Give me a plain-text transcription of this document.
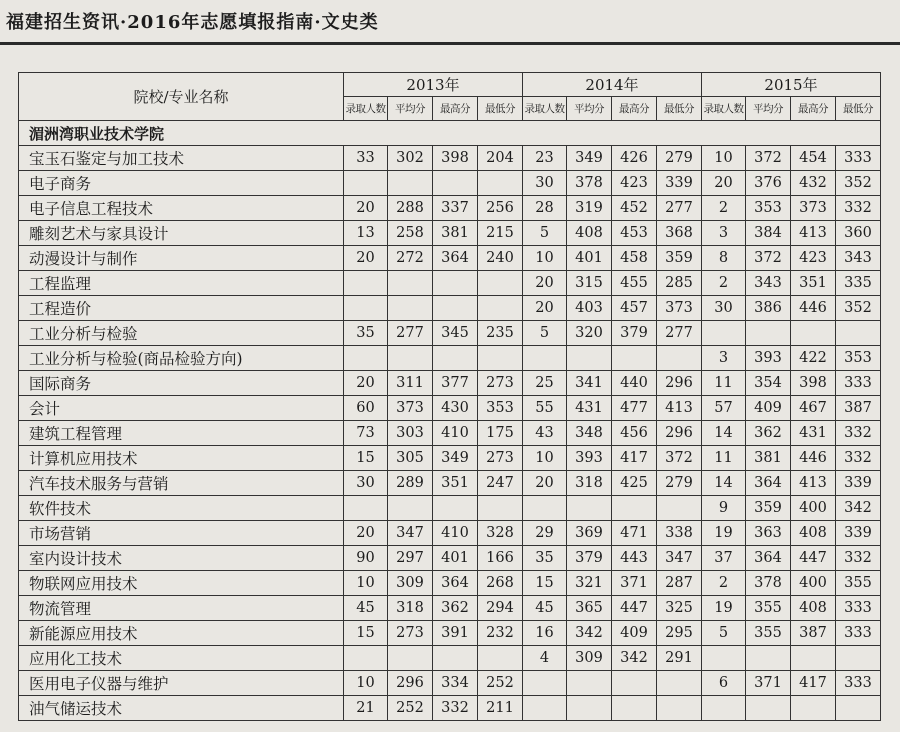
福建招生资讯·2016年志愿填报指南·文史类
院校/专业名称	2013年				2014年				2015年			
	录取人数	平均分	最高分	最低分	录取人数	平均分	最高分	最低分	录取人数	平均分	最高分	最低分
湄洲湾职业技术学院												
宝玉石鉴定与加工技术	33	302	398	204	23	349	426	279	10	372	454	333
电子商务					30	378	423	339	20	376	432	352
电子信息工程技术	20	288	337	256	28	319	452	277	2	353	373	332
雕刻艺术与家具设计	13	258	381	215	5	408	453	368	3	384	413	360
动漫设计与制作	20	272	364	240	10	401	458	359	8	372	423	343
工程监理					20	315	455	285	2	343	351	335
工程造价					20	403	457	373	30	386	446	352
工业分析与检验	35	277	345	235	5	320	379	277				
工业分析与检验(商品检验方向)									3	393	422	353
国际商务	20	311	377	273	25	341	440	296	11	354	398	333
会计	60	373	430	353	55	431	477	413	57	409	467	387
建筑工程管理	73	303	410	175	43	348	456	296	14	362	431	332
计算机应用技术	15	305	349	273	10	393	417	372	11	381	446	332
汽车技术服务与营销	30	289	351	247	20	318	425	279	14	364	413	339
软件技术									9	359	400	342
市场营销	20	347	410	328	29	369	471	338	19	363	408	339
室内设计技术	90	297	401	166	35	379	443	347	37	364	447	332
物联网应用技术	10	309	364	268	15	321	371	287	2	378	400	355
物流管理	45	318	362	294	45	365	447	325	19	355	408	333
新能源应用技术	15	273	391	232	16	342	409	295	5	355	387	333
应用化工技术					4	309	342	291				
医用电子仪器与维护	10	296	334	252					6	371	417	333
油气储运技术	21	252	332	211								
